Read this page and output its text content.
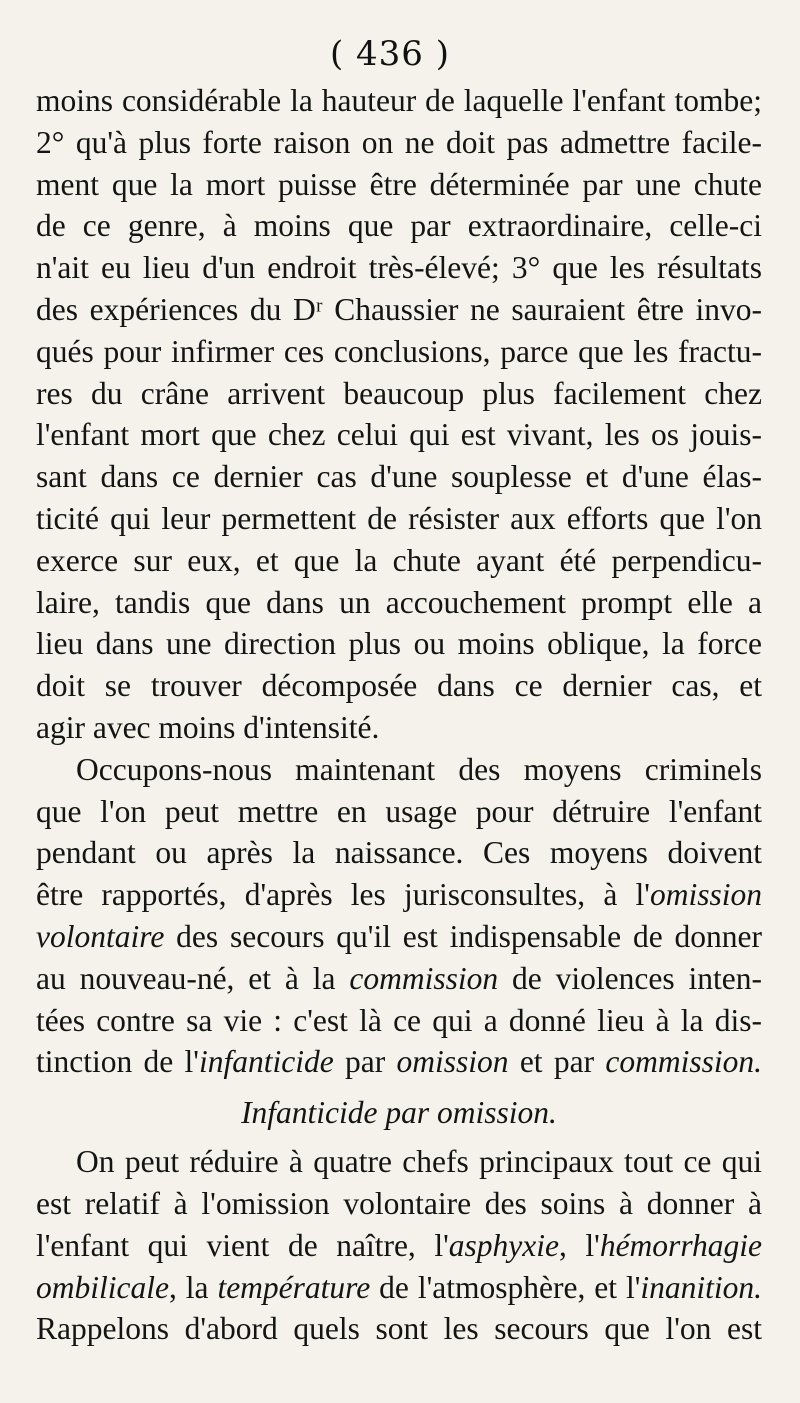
( 436 )
moins considérable la hauteur de laquelle l'enfant tombe;
2° qu'à plus forte raison on ne doit pas admettre facile-
ment que la mort puisse être déterminée par une chute
de ce genre, à moins que par extraordinaire, celle-ci
n'ait eu lieu d'un endroit très-élevé; 3° que les résultats
des expériences du Dʳ Chaussier ne sauraient être invo-
qués pour infirmer ces conclusions, parce que les fractu-
res du crâne arrivent beaucoup plus facilement chez
l'enfant mort que chez celui qui est vivant, les os jouis-
sant dans ce dernier cas d'une souplesse et d'une élas-
ticité qui leur permettent de résister aux efforts que l'on
exerce sur eux, et que la chute ayant été perpendicu-
laire, tandis que dans un accouchement prompt elle a
lieu dans une direction plus ou moins oblique, la force
doit se trouver décomposée dans ce dernier cas, et
agir avec moins d'intensité.
Occupons-nous maintenant des moyens criminels
que l'on peut mettre en usage pour détruire l'enfant
pendant ou après la naissance. Ces moyens doivent
être rapportés, d'après les jurisconsultes, à l'omission
volontaire des secours qu'il est indispensable de donner
au nouveau-né, et à la commission de violences inten-
tées contre sa vie : c'est là ce qui a donné lieu à la dis-
tinction de l'infanticide par omission et par commission.
Infanticide par omission.
On peut réduire à quatre chefs principaux tout ce qui
est relatif à l'omission volontaire des soins à donner à
l'enfant qui vient de naître, l'asphyxie, l'hémorrhagie
ombilicale, la température de l'atmosphère, et l'inanition.
Rappelons d'abord quels sont les secours que l'on est
